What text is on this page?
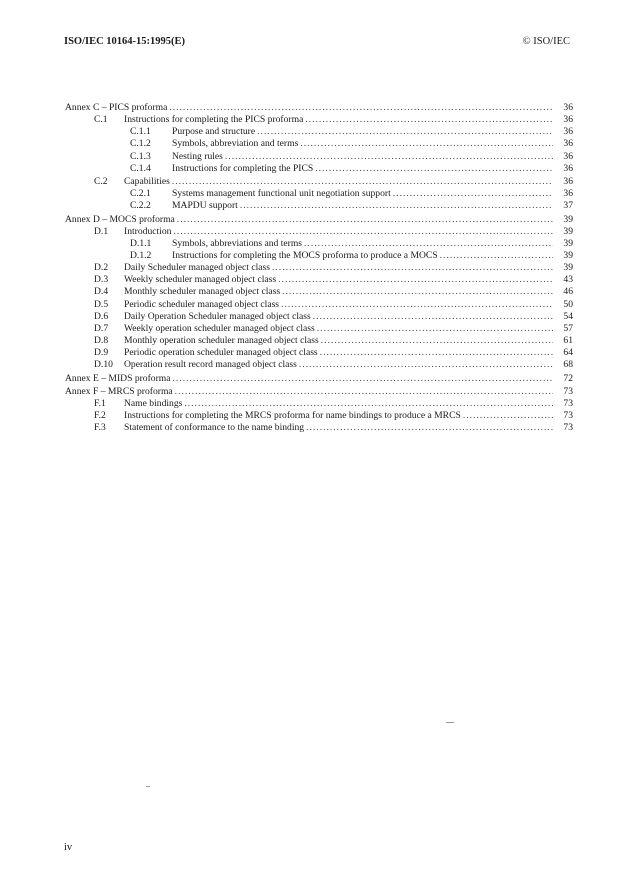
ISO/IEC 10164-15:1995(E)	© ISO/IEC
Annex C – PICS proforma .....	36
C.1	Instructions for completing the PICS proforma .....	36
C.1.1	Purpose and structure .....	36
C.1.2	Symbols, abbreviation and terms .....	36
C.1.3	Nesting rules .....	36
C.1.4	Instructions for completing the PICS .....	36
C.2	Capabilities .....	36
C.2.1	Systems management functional unit negotiation support .....	36
C.2.2	MAPDU support .....	37
Annex D – MOCS proforma .....	39
D.1	Introduction .....	39
D.1.1	Symbols, abbreviations and terms .....	39
D.1.2	Instructions for completing the MOCS proforma to produce a MOCS .....	39
D.2	Daily Scheduler managed object class .....	39
D.3	Weekly scheduler managed object class .....	43
D.4	Monthly scheduler managed object class .....	46
D.5	Periodic scheduler managed object class .....	50
D.6	Daily Operation Scheduler managed object class .....	54
D.7	Weekly operation scheduler managed object class .....	57
D.8	Monthly operation scheduler managed object class .....	61
D.9	Periodic operation scheduler managed object class .....	64
D.10	Operation result record managed object class .....	68
Annex E – MIDS proforma .....	72
Annex F – MRCS proforma .....	73
F.1	Name bindings .....	73
F.2	Instructions for completing the MRCS proforma for name bindings to produce a MRCS .....	73
F.3	Statement of conformance to the name binding .....	73
iv
